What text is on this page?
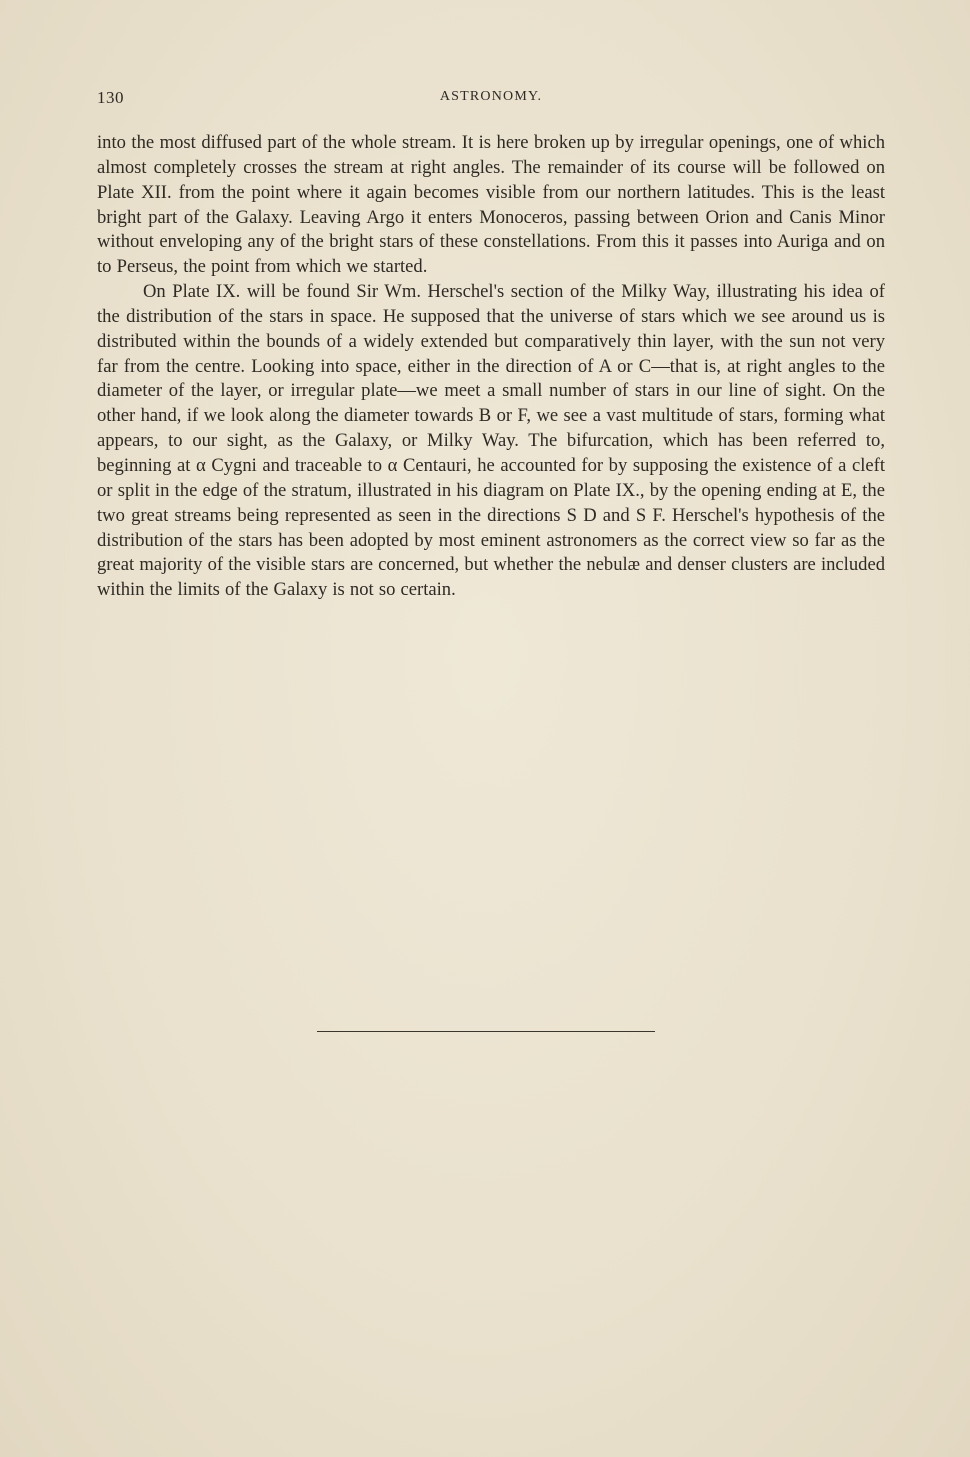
130	ASTRONOMY.

into the most diffused part of the whole stream. It is here broken up by irregular openings, one of which almost completely crosses the stream at right angles. The remainder of its course will be followed on Plate XII. from the point where it again becomes visible from our northern latitudes. This is the least bright part of the Galaxy. Leaving Argo it enters Monoceros, passing between Orion and Canis Minor without enveloping any of the bright stars of these constellations. From this it passes into Auriga and on to Perseus, the point from which we started.

On Plate IX. will be found Sir Wm. Herschel's section of the Milky Way, illustrating his idea of the distribution of the stars in space. He supposed that the universe of stars which we see around us is distributed within the bounds of a widely extended but comparatively thin layer, with the sun not very far from the centre. Looking into space, either in the direction of A or C—that is, at right angles to the diameter of the layer, or irregular plate—we meet a small number of stars in our line of sight. On the other hand, if we look along the diameter towards B or F, we see a vast multitude of stars, forming what appears, to our sight, as the Galaxy, or Milky Way. The bifurcation, which has been referred to, beginning at α Cygni and traceable to α Centauri, he accounted for by supposing the existence of a cleft or split in the edge of the stratum, illustrated in his diagram on Plate IX., by the opening ending at E, the two great streams being represented as seen in the directions S D and S F. Herschel's hypothesis of the distribution of the stars has been adopted by most eminent astronomers as the correct view so far as the great majority of the visible stars are concerned, but whether the nebulæ and denser clusters are included within the limits of the Galaxy is not so certain.
